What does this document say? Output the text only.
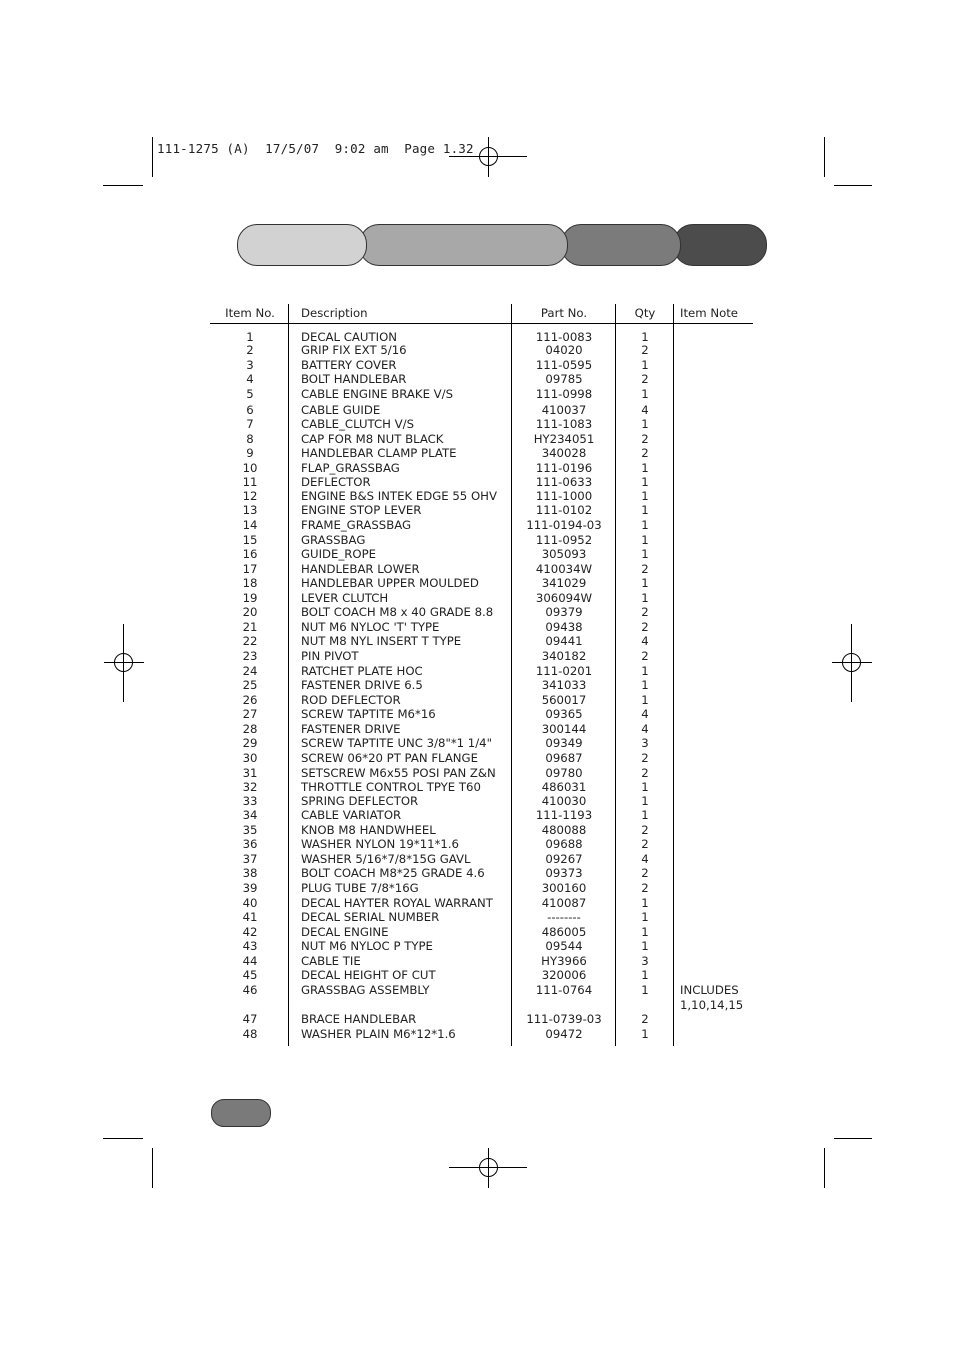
111-1275 (A)  17/5/07  9:02 am  Page 1.32
Item No.	Description	Part No.	Qty	Item Note
1	DECAL CAUTION	111-0083	1
2	GRIP FIX EXT 5/16	04020	2
3	BATTERY COVER	111-0595	1
4	BOLT HANDLEBAR	09785	2
5	CABLE ENGINE BRAKE V/S	111-0998	1
6	CABLE GUIDE	410037	4
7	CABLE_CLUTCH V/S	111-1083	1
8	CAP FOR M8 NUT BLACK	HY234051	2
9	HANDLEBAR CLAMP PLATE	340028	2
10	FLAP_GRASSBAG	111-0196	1
11	DEFLECTOR	111-0633	1
12	ENGINE B&S INTEK EDGE 55 OHV	111-1000	1
13	ENGINE STOP LEVER	111-0102	1
14	FRAME_GRASSBAG	111-0194-03	1
15	GRASSBAG	111-0952	1
16	GUIDE_ROPE	305093	1
17	HANDLEBAR LOWER	410034W	2
18	HANDLEBAR UPPER MOULDED	341029	1
19	LEVER CLUTCH	306094W	1
20	BOLT COACH M8 x 40 GRADE 8.8	09379	2
21	NUT M6 NYLOC 'T' TYPE	09438	2
22	NUT M8 NYL INSERT T TYPE	09441	4
23	PIN PIVOT	340182	2
24	RATCHET PLATE HOC	111-0201	1
25	FASTENER DRIVE 6.5	341033	1
26	ROD DEFLECTOR	560017	1
27	SCREW TAPTITE M6*16	09365	4
28	FASTENER DRIVE	300144	4
29	SCREW TAPTITE UNC 3/8"*1 1/4"	09349	3
30	SCREW 06*20 PT PAN FLANGE	09687	2
31	SETSCREW M6x55 POSI PAN Z&N	09780	2
32	THROTTLE CONTROL TPYE T60	486031	1
33	SPRING DEFLECTOR	410030	1
34	CABLE VARIATOR	111-1193	1
35	KNOB M8 HANDWHEEL	480088	2
36	WASHER NYLON 19*11*1.6	09688	2
37	WASHER 5/16*7/8*15G GAVL	09267	4
38	BOLT COACH M8*25 GRADE 4.6	09373	2
39	PLUG TUBE 7/8*16G	300160	2
40	DECAL HAYTER ROYAL WARRANT	410087	1
41	DECAL SERIAL NUMBER	--------	1
42	DECAL ENGINE	486005	1
43	NUT M6 NYLOC P TYPE	09544	1
44	CABLE TIE	HY3966	3
45	DECAL HEIGHT OF CUT	320006	1
46	GRASSBAG ASSEMBLY	111-0764	1	INCLUDES
1,10,14,15
47	BRACE HANDLEBAR	111-0739-03	2
48	WASHER PLAIN M6*12*1.6	09472	1
